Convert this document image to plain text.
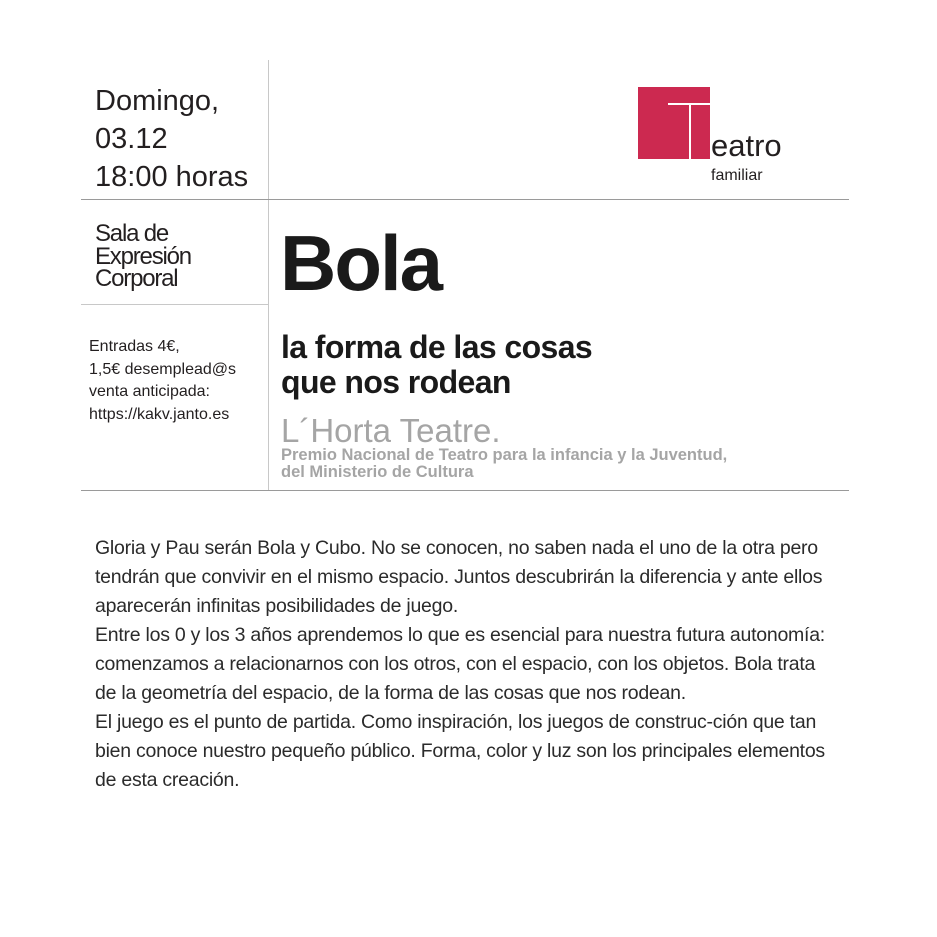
Domingo,
03.12
18:00 horas
Sala de
Expresión
Corporal
Entradas 4€,
1,5€ desemplead@s
venta anticipada:
https://kakv.janto.es
eatro
familiar
Bola
la forma de las cosas
que nos rodean
L´Horta Teatre.
Premio Nacional de Teatro para la infancia y la Juventud,
del Ministerio de Cultura

Gloria y Pau serán Bola y Cubo. No se conocen, no saben nada el uno de la otra pero tendrán que convivir en el mismo espacio. Juntos descubrirán la diferencia y ante ellos aparecerán infinitas posibilidades de juego.

Entre los 0 y los 3 años aprendemos lo que es esencial para nuestra futura autonomía: comenzamos a relacionarnos con los otros, con el espacio, con los objetos. Bola trata de la geometría del espacio, de la forma de las cosas que nos rodean.

El juego es el punto de partida. Como inspiración, los juegos de construc-ción que tan bien conoce nuestro pequeño público. Forma, color y luz son los principales elementos de esta creación.
